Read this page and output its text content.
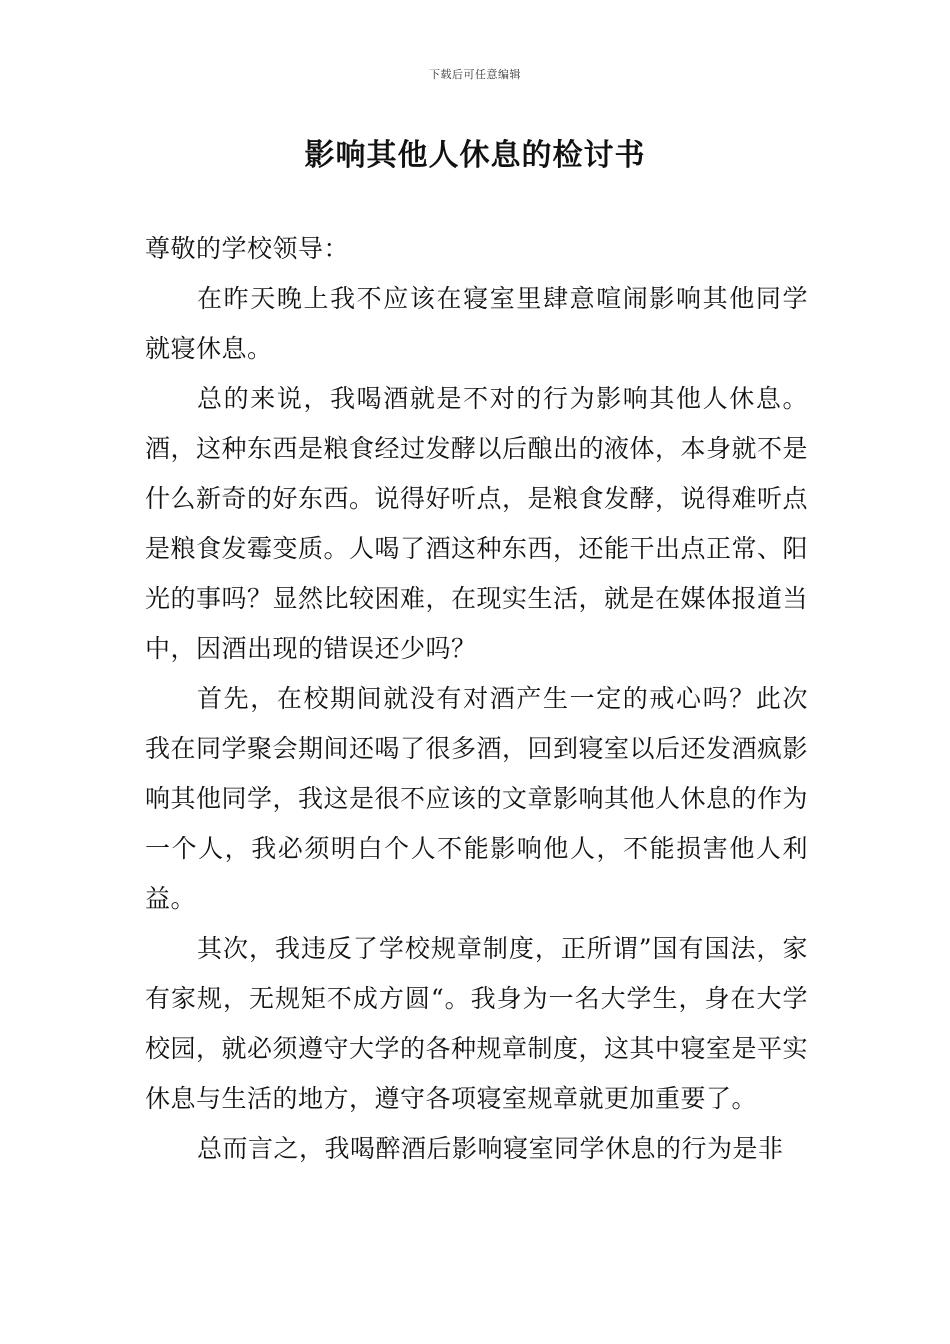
下载后可任意编辑
影响其他人休息的检讨书

尊敬的学校领导：

在昨天晚上我不应该在寝室里肆意喧闹影响其他同学就寝休息。

总的来说，我喝酒就是不对的行为影响其他人休息。酒，这种东西是粮食经过发酵以后酿出的液体，本身就不是什么新奇的好东西。说得好听点，是粮食发酵，说得难听点是粮食发霉变质。人喝了酒这种东西，还能干出点正常、阳光的事吗？显然比较困难，在现实生活，就是在媒体报道当中，因酒出现的错误还少吗？

首先，在校期间就没有对酒产生一定的戒心吗？此次我在同学聚会期间还喝了很多酒，回到寝室以后还发酒疯影响其他同学，我这是很不应该的文章影响其他人休息的作为一个人，我必须明白个人不能影响他人，不能损害他人利益。

其次，我违反了学校规章制度，正所谓”国有国法，家有家规，无规矩不成方圆“。我身为一名大学生，身在大学校园，就必须遵守大学的各种规章制度，这其中寝室是平实休息与生活的地方，遵守各项寝室规章就更加重要了。

总而言之，我喝醉酒后影响寝室同学休息的行为是非
